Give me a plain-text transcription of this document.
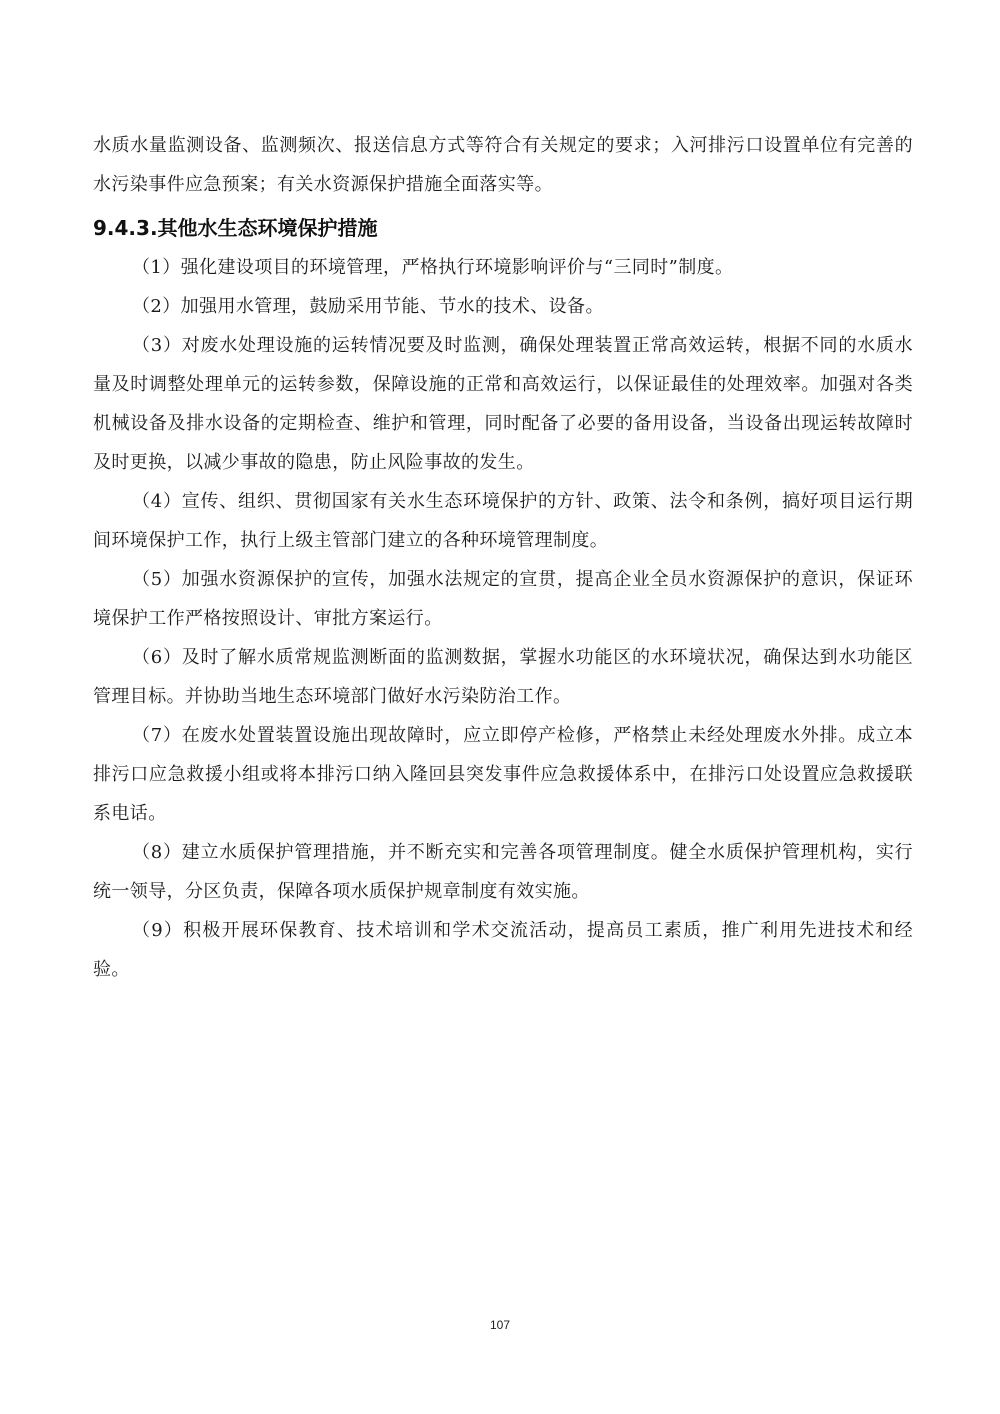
水质水量监测设备、监测频次、报送信息方式等符合有关规定的要求；入河排污口设置单位有完善的水污染事件应急预案；有关水资源保护措施全面落实等。

9.4.3.其他水生态环境保护措施

（1）强化建设项目的环境管理，严格执行环境影响评价与“三同时”制度。

（2）加强用水管理，鼓励采用节能、节水的技术、设备。

（3）对废水处理设施的运转情况要及时监测，确保处理装置正常高效运转，根据不同的水质水量及时调整处理单元的运转参数，保障设施的正常和高效运行，以保证最佳的处理效率。加强对各类机械设备及排水设备的定期检查、维护和管理，同时配备了必要的备用设备，当设备出现运转故障时及时更换，以减少事故的隐患，防止风险事故的发生。

（4）宣传、组织、贯彻国家有关水生态环境保护的方针、政策、法令和条例，搞好项目运行期间环境保护工作，执行上级主管部门建立的各种环境管理制度。

（5）加强水资源保护的宣传，加强水法规定的宣贯，提高企业全员水资源保护的意识，保证环境保护工作严格按照设计、审批方案运行。

（6）及时了解水质常规监测断面的监测数据，掌握水功能区的水环境状况，确保达到水功能区管理目标。并协助当地生态环境部门做好水污染防治工作。

（7）在废水处置装置设施出现故障时，应立即停产检修，严格禁止未经处理废水外排。成立本排污口应急救援小组或将本排污口纳入隆回县突发事件应急救援体系中，在排污口处设置应急救援联系电话。

（8）建立水质保护管理措施，并不断充实和完善各项管理制度。健全水质保护管理机构，实行统一领导，分区负责，保障各项水质保护规章制度有效实施。

（9）积极开展环保教育、技术培训和学术交流活动，提高员工素质，推广利用先进技术和经验。

107
